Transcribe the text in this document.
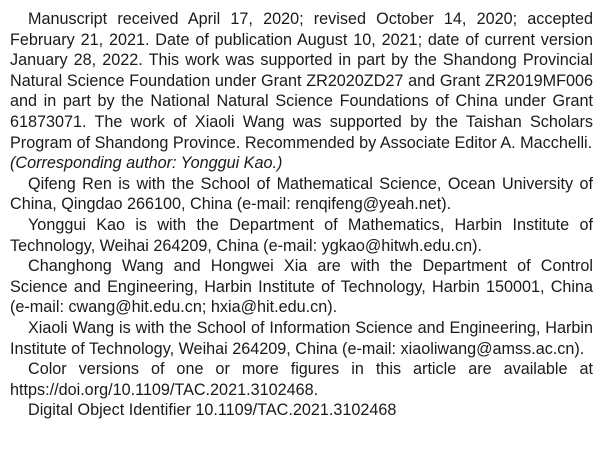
Manuscript received April 17, 2020; revised October 14, 2020; accepted February 21, 2021. Date of publication August 10, 2021; date of current version January 28, 2022. This work was supported in part by the Shandong Provincial Natural Science Foundation under Grant ZR2020ZD27 and Grant ZR2019MF006 and in part by the National Natural Science Foundations of China under Grant 61873071. The work of Xiaoli Wang was supported by the Taishan Scholars Program of Shandong Province. Recommended by Associate Editor A. Macchelli.

(Corresponding author: Yonggui Kao.)

Qifeng Ren is with the School of Mathematical Science, Ocean University of China, Qingdao 266100, China (e-mail: renqifeng@yeah.net).

Yonggui Kao is with the Department of Mathematics, Harbin Institute of Technology, Weihai 264209, China (e-mail: ygkao@hitwh.edu.cn).

Changhong Wang and Hongwei Xia are with the Department of Control Science and Engineering, Harbin Institute of Technology, Harbin 150001, China (e-mail: cwang@hit.edu.cn; hxia@hit.edu.cn).

Xiaoli Wang is with the School of Information Science and Engineering, Harbin Institute of Technology, Weihai 264209, China (e-mail: xiaoliwang@amss.ac.cn).

Color versions of one or more figures in this article are available at https://doi.org/10.1109/TAC.2021.3102468.

Digital Object Identifier 10.1109/TAC.2021.3102468
